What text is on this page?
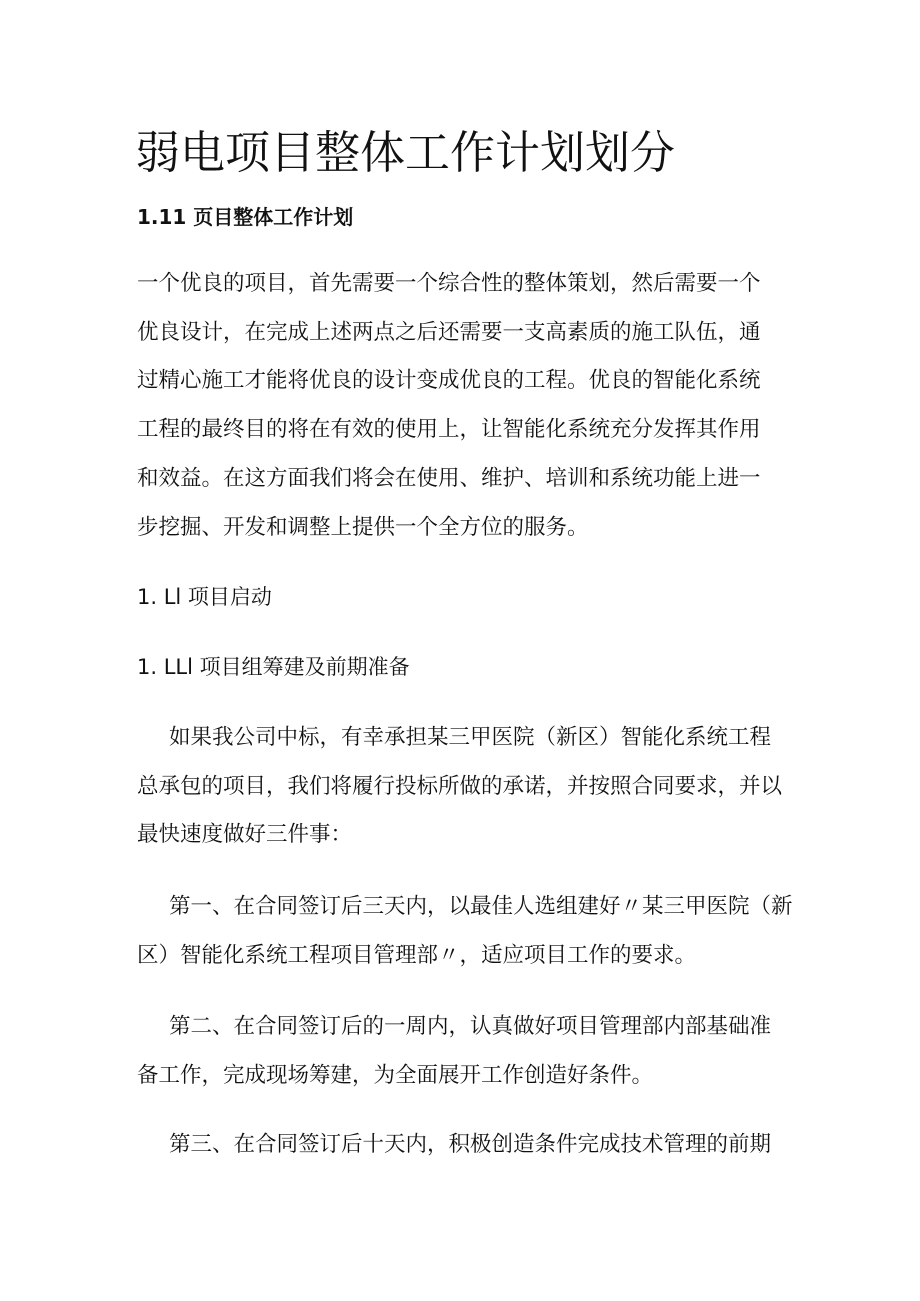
弱电项目整体工作计划划分
1.11 页目整体工作计划
一个优良的项目，首先需要一个综合性的整体策划，然后需要一个
优良设计，在完成上述两点之后还需要一支高素质的施工队伍，通
过精心施工才能将优良的设计变成优良的工程。优良的智能化系统
工程的最终目的将在有效的使用上，让智能化系统充分发挥其作用
和效益。在这方面我们将会在使用、维护、培训和系统功能上进一
步挖掘、开发和调整上提供一个全方位的服务。
1. Ll 项目启动
1. LLl 项目组筹建及前期准备
如果我公司中标，有幸承担某三甲医院（新区）智能化系统工程
总承包的项目，我们将履行投标所做的承诺，并按照合同要求，并以
最快速度做好三件事：
第一、在合同签订后三天内，以最佳人选组建好〃某三甲医院（新
区）智能化系统工程项目管理部〃，适应项目工作的要求。
第二、在合同签订后的一周内，认真做好项目管理部内部基础准
备工作，完成现场筹建，为全面展开工作创造好条件。
第三、在合同签订后十天内，积极创造条件完成技术管理的前期
